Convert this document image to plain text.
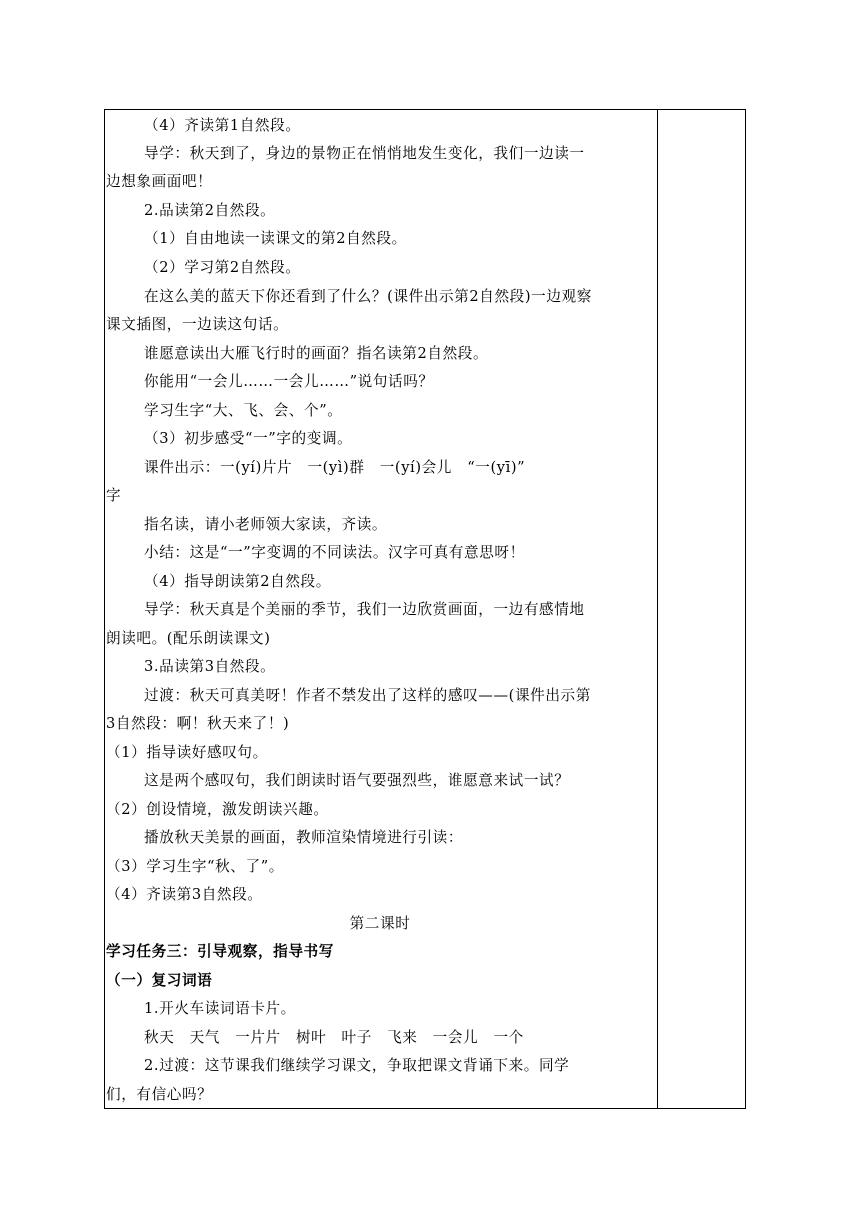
（4）齐读第1自然段。
导学：秋天到了，身边的景物正在悄悄地发生变化，我们一边读一
边想象画面吧！
2.品读第2自然段。
（1）自由地读一读课文的第2自然段。
（2）学习第2自然段。
在这么美的蓝天下你还看到了什么？(课件出示第2自然段)一边观察
课文插图，一边读这句话。
谁愿意读出大雁飞行时的画面？指名读第2自然段。
你能用“一会儿……一会儿……”说句话吗？
学习生字“大、飞、会、个”。
（3）初步感受“一”字的变调。
课件出示：一(yí)片片　一(yì)群　一(yí)会儿　“一(yī)”
字
指名读，请小老师领大家读，齐读。
小结：这是“一”字变调的不同读法。汉字可真有意思呀！
（4）指导朗读第2自然段。
导学：秋天真是个美丽的季节，我们一边欣赏画面，一边有感情地
朗读吧。(配乐朗读课文)
3.品读第3自然段。
过渡：秋天可真美呀！作者不禁发出了这样的感叹——(课件出示第
3自然段：啊！秋天来了！)
（1）指导读好感叹句。
这是两个感叹句，我们朗读时语气要强烈些，谁愿意来试一试？
（2）创设情境，激发朗读兴趣。
播放秋天美景的画面，教师渲染情境进行引读：
（3）学习生字“秋、了”。
（4）齐读第3自然段。
第二课时
学习任务三：引导观察，指导书写
（一）复习词语
1.开火车读词语卡片。
秋天　天气　一片片　树叶　叶子　飞来　一会儿　一个
2.过渡：这节课我们继续学习课文，争取把课文背诵下来。同学
们，有信心吗？
